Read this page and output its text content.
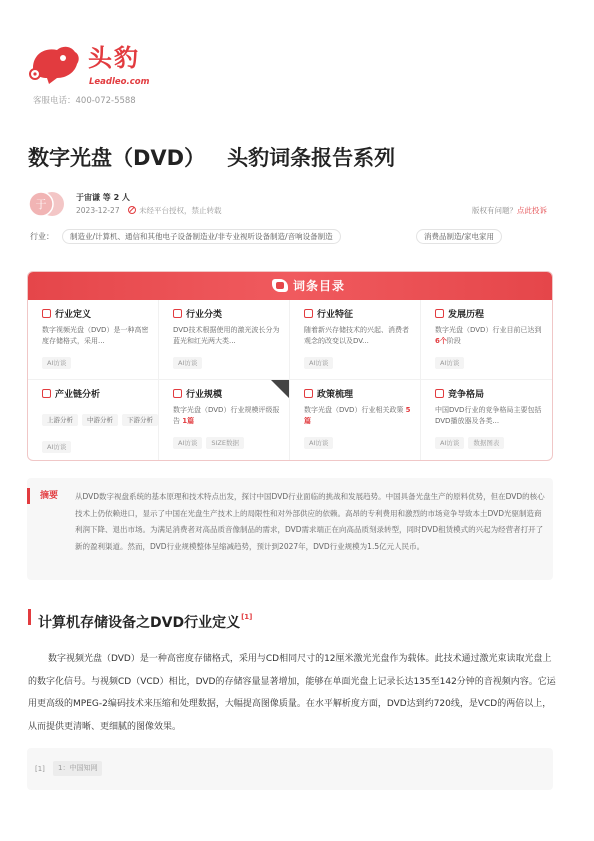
头豹
Leadleo.com
客服电话：400-072-5588
数字光盘（DVD） 头豹词条报告系列
于
于宙谦 等 2 人
2023-12-27	未经平台授权，禁止转载	版权有问题？点此投诉
行业：	制造业/计算机、通信和其他电子设备制造业/非专业视听设备制造/音响设备制造	消费品制造/家电家用
词条目录
行业定义
数字视频光盘（DVD）是一种高密度存储格式，采用...
AI访谈
行业分类
DVD技术根据使用的激光波长分为蓝光和红光两大类...
AI访谈
行业特征
随着新兴存储技术的兴起、消费者观念的改变以及DV...
AI访谈
发展历程
数字光盘（DVD）行业目前已达到 6个阶段
AI访谈
产业链分析
上游分析 中游分析 下游分析
AI访谈
行业规模
数字光盘（DVD）行业规模评级报告 1篇
AI访谈 SIZE数据
政策梳理
数字光盘（DVD）行业相关政策 5篇
AI访谈
竞争格局
中国DVD行业的竞争格局主要包括DVD播放器及各类...
AI访谈 数据图表
摘要 从DVD数字视盘系统的基本原理和技术特点出发，探讨中国DVD行业面临的挑战和发展趋势。中国具备光盘生产的原料优势，但在DVD的核心技术上仍依赖进口，显示了中国在光盘生产技术上的局限性和对外部供应的依赖。高昂的专利费用和激烈的市场竞争导致本土DVD光驱制造商利润下降、退出市场。为满足消费者对高品质音像制品的需求，DVD需求端正在向高品质刻录转型，同时DVD租赁模式的兴起为经营者打开了新的盈利渠道。然而，DVD行业规模整体呈缩减趋势，预计到2027年，DVD行业规模为1.5亿元人民币。
计算机存储设备之DVD行业定义[1]
数字视频光盘（DVD）是一种高密度存储格式，采用与CD相同尺寸的12厘米激光光盘作为载体。此技术通过激光束读取光盘上的数字化信号。与视频CD（VCD）相比，DVD的存储容量显著增加，能够在单面光盘上记录长达135至142分钟的音视频内容。它运用更高级的MPEG-2编码技术来压缩和处理数据，大幅提高图像质量。在水平解析度方面，DVD达到约720线，是VCD的两倍以上，从而提供更清晰、更细腻的图像效果。
[1]	1：中国知网
